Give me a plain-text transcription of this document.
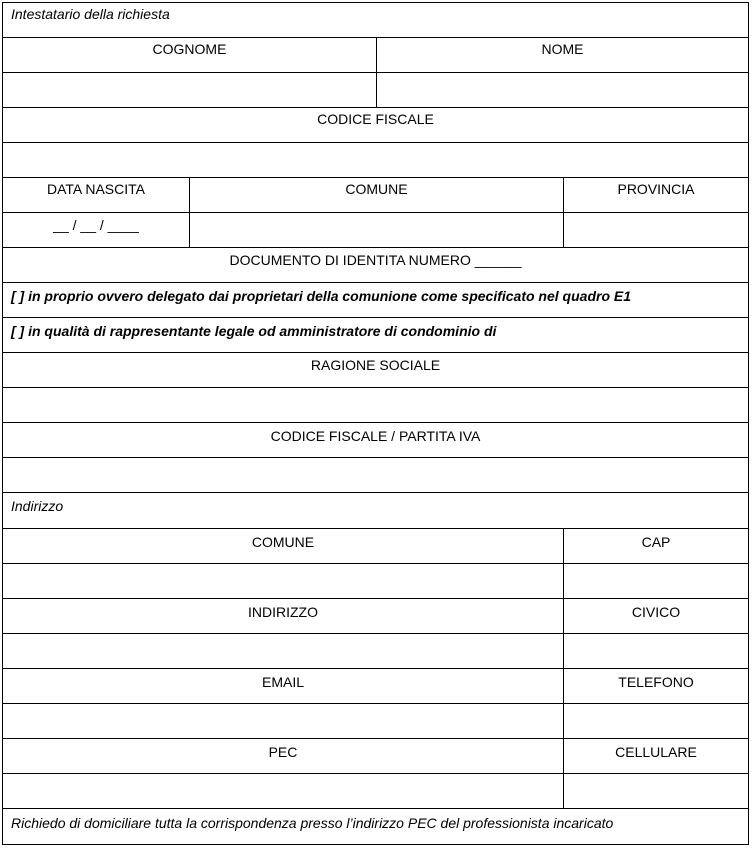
Intestatario della richiesta
COGNOME	NOME
CODICE FISCALE
DATA NASCITA	COMUNE	PROVINCIA
__ / __ / ____
DOCUMENTO DI IDENTITA NUMERO ______
[ ] in proprio ovvero delegato dai proprietari della comunione come specificato nel quadro E1
[ ] in qualità di rappresentante legale od amministratore di condominio di
RAGIONE SOCIALE
CODICE FISCALE / PARTITA IVA
Indirizzo
COMUNE	CAP
INDIRIZZO	CIVICO
EMAIL	TELEFONO
PEC	CELLULARE
Richiedo di domiciliare tutta la corrispondenza presso l’indirizzo PEC del professionista incaricato
